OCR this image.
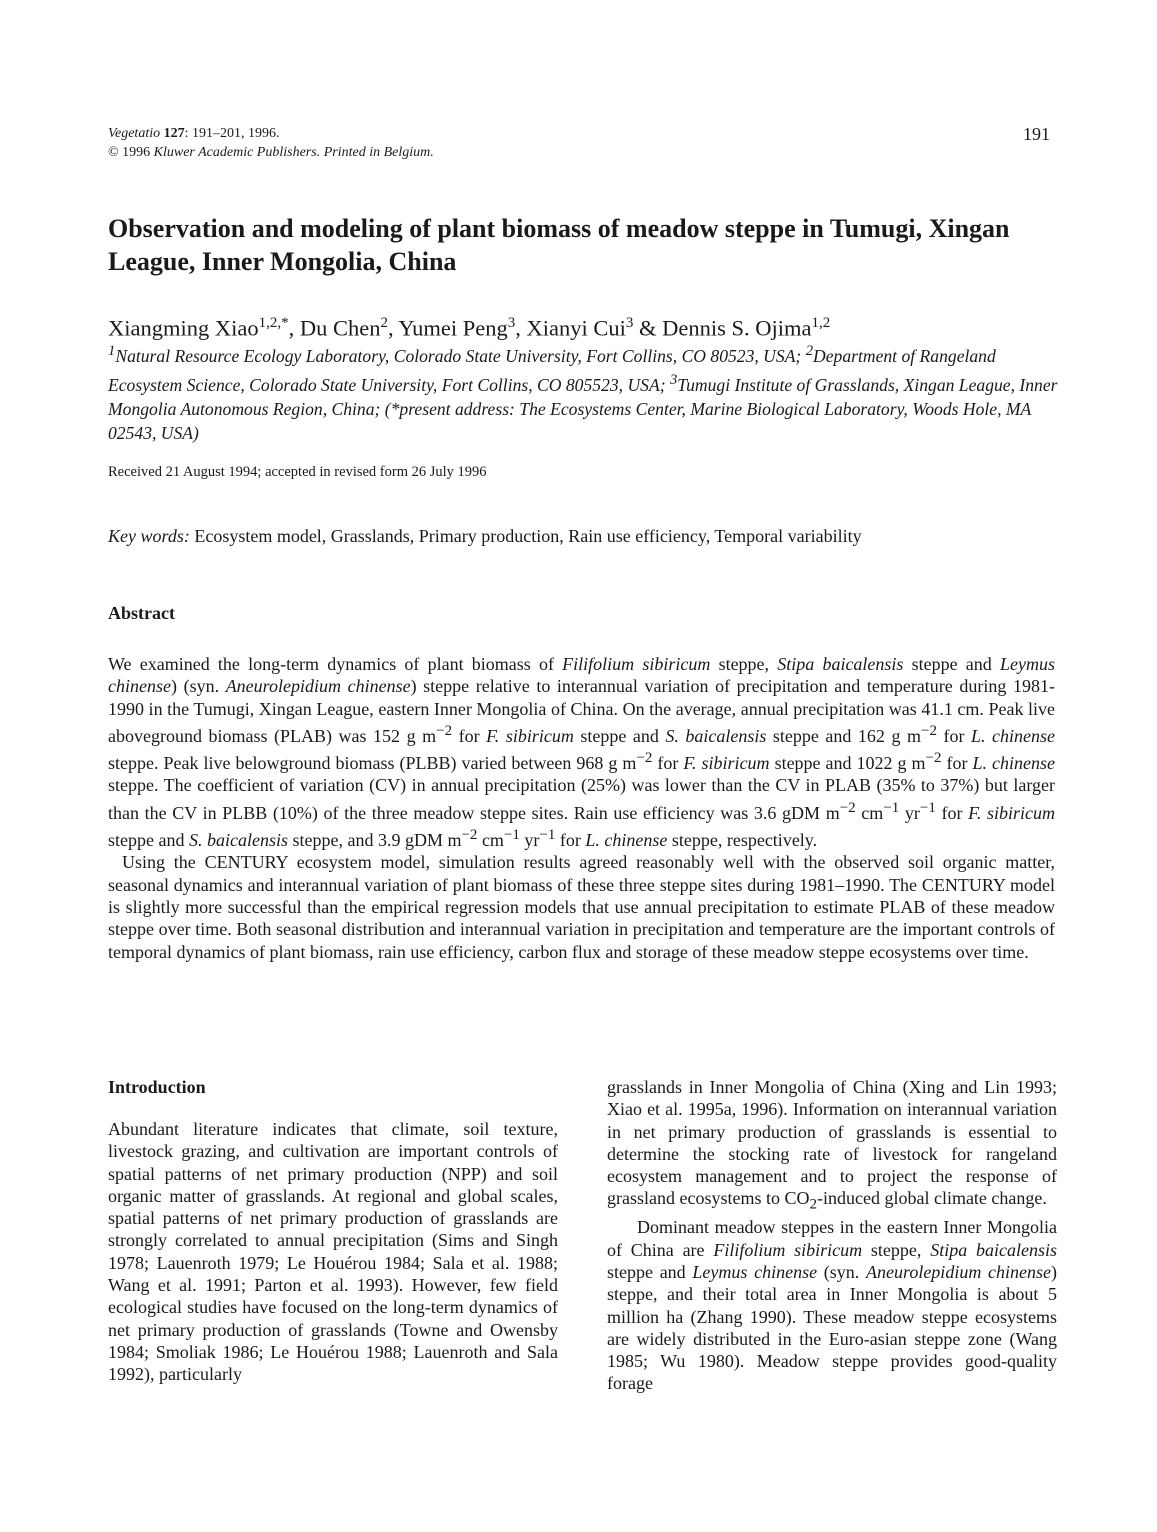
Vegetatio 127: 191–201, 1996.
© 1996 Kluwer Academic Publishers. Printed in Belgium.
191
Observation and modeling of plant biomass of meadow steppe in Tumugi, Xingan League, Inner Mongolia, China
Xiangming Xiao$^{1,2,*}$, Du Chen$^2$, Yumei Peng$^3$, Xianyi Cui$^3$ & Dennis S. Ojima$^{1,2}$
$^1$Natural Resource Ecology Laboratory, Colorado State University, Fort Collins, CO 80523, USA; $^2$Department of Rangeland Ecosystem Science, Colorado State University, Fort Collins, CO 805523, USA; $^3$Tumugi Institute of Grasslands, Xingan League, Inner Mongolia Autonomous Region, China; (*present address: The Ecosystems Center, Marine Biological Laboratory, Woods Hole, MA 02543, USA)
Received 21 August 1994; accepted in revised form 26 July 1996
Key words: Ecosystem model, Grasslands, Primary production, Rain use efficiency, Temporal variability
Abstract

We examined the long-term dynamics of plant biomass of Filifolium sibiricum steppe, Stipa baicalensis steppe and Leymus chinense) (syn. Aneurolepidium chinense) steppe relative to interannual variation of precipitation and temperature during 1981-1990 in the Tumugi, Xingan League, eastern Inner Mongolia of China. On the average, annual precipitation was 41.1 cm. Peak live aboveground biomass (PLAB) was 152 g $m^{-2}$ for F. sibiricum steppe and S. baicalensis steppe and 162 g $m^{-2}$ for L. chinense steppe. Peak live belowground biomass (PLBB) varied between 968 g $m^{-2}$ for F. sibiricum steppe and 1022 g $m^{-2}$ for L. chinense steppe. The coefficient of variation (CV) in annual precipitation (25%) was lower than the CV in PLAB (35% to 37%) but larger than the CV in PLBB (10%) of the three meadow steppe sites. Rain use efficiency was 3.6 gDM $m^{-2}$ $cm^{-1}$ $yr^{-1}$ for F. sibiricum steppe and S. baicalensis steppe, and 3.9 gDM $m^{-2}$ $cm^{-1}$ $yr^{-1}$ for L. chinense steppe, respectively.

Using the CENTURY ecosystem model, simulation results agreed reasonably well with the observed soil organic matter, seasonal dynamics and interannual variation of plant biomass of these three steppe sites during 1981–1990. The CENTURY model is slightly more successful than the empirical regression models that use annual precipitation to estimate PLAB of these meadow steppe over time. Both seasonal distribution and interannual variation in precipitation and temperature are the important controls of temporal dynamics of plant biomass, rain use efficiency, carbon flux and storage of these meadow steppe ecosystems over time.

Introduction

Abundant literature indicates that climate, soil texture, livestock grazing, and cultivation are important controls of spatial patterns of net primary production (NPP) and soil organic matter of grasslands. At regional and global scales, spatial patterns of net primary production of grasslands are strongly correlated to annual precipitation (Sims and Singh 1978; Lauenroth 1979; Le Houérou 1984; Sala et al. 1988; Wang et al. 1991; Parton et al. 1993). However, few field ecological studies have focused on the long-term dynamics of net primary production of grasslands (Towne and Owensby 1984; Smoliak 1986; Le Houérou 1988; Lauenroth and Sala 1992), particularly

grasslands in Inner Mongolia of China (Xing and Lin 1993; Xiao et al. 1995a, 1996). Information on interannual variation in net primary production of grasslands is essential to determine the stocking rate of livestock for rangeland ecosystem management and to project the response of grassland ecosystems to $CO_2$-induced global climate change.

Dominant meadow steppes in the eastern Inner Mongolia of China are Filifolium sibiricum steppe, Stipa baicalensis steppe and Leymus chinense (syn. Aneurolepidium chinense) steppe, and their total area in Inner Mongolia is about 5 million ha (Zhang 1990). These meadow steppe ecosystems are widely distributed in the Euro-asian steppe zone (Wang 1985; Wu 1980). Meadow steppe provides good-quality forage
